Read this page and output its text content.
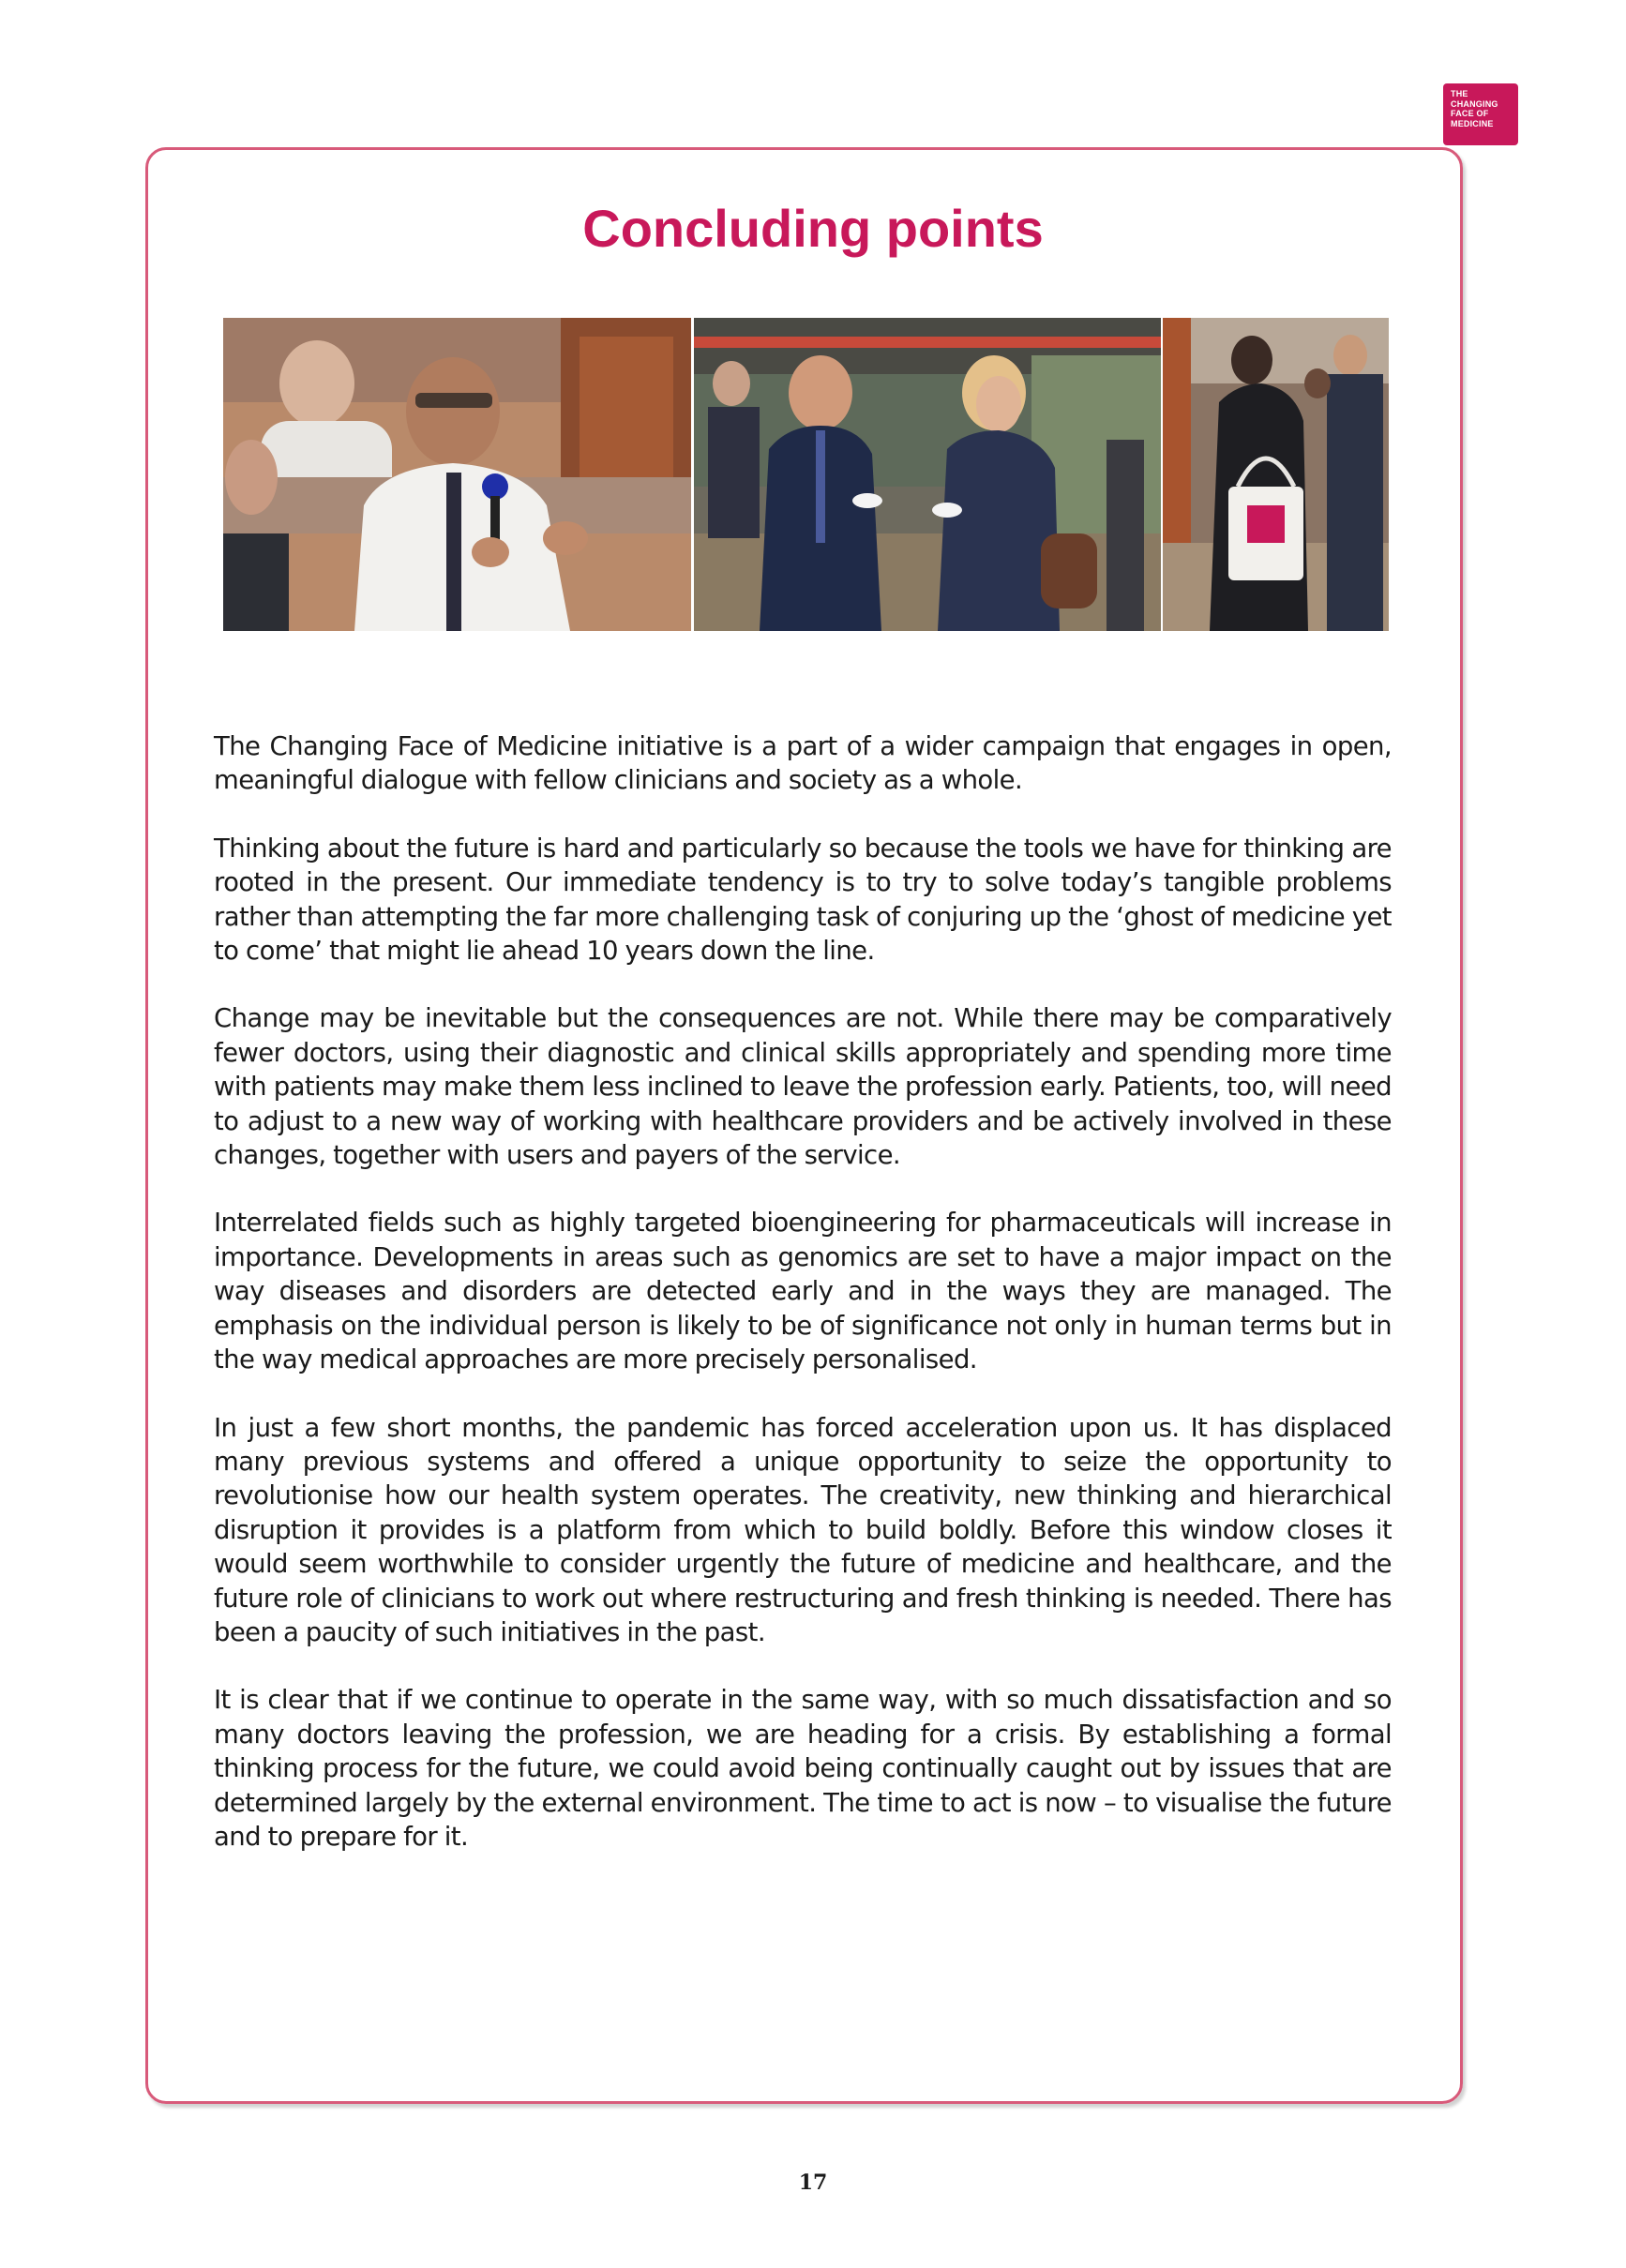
THE
CHANGING
FACE OF
MEDICINE
Concluding points

The Changing Face of Medicine initiative is a part of a wider campaign that engages in open, meaningful dialogue with fellow clinicians and society as a whole.

Thinking about the future is hard and particularly so because the tools we have for thinking are rooted in the present. Our immediate tendency is to try to solve today’s tangible problems rather than attempting the far more challenging task of conjuring up the ‘ghost of medicine yet to come’ that might lie ahead 10 years down the line.

Change may be inevitable but the consequences are not. While there may be comparatively fewer doctors, using their diagnostic and clinical skills appropriately and spending more time with patients may make them less inclined to leave the profession early. Patients, too, will need to adjust to a new way of working with healthcare providers and be actively involved in these changes, together with users and payers of the service.

Interrelated fields such as highly targeted bioengineering for pharmaceuticals will increase in importance. Developments in areas such as genomics are set to have a major impact on the way diseases and disorders are detected early and in the ways they are managed. The emphasis on the individual person is likely to be of significance not only in human terms but in the way medical approaches are more precisely personalised.

In just a few short months, the pandemic has forced acceleration upon us. It has displaced many previous systems and offered a unique opportunity to seize the opportunity to revolutionise how our health system operates. The creativity, new thinking and hierarchical disruption it provides is a platform from which to build boldly. Before this window closes it would seem worthwhile to consider urgently the future of medicine and healthcare, and the future role of clinicians to work out where restructuring and fresh thinking is needed. There has been a paucity of such initiatives in the past.

It is clear that if we continue to operate in the same way, with so much dissatisfaction and so many doctors leaving the profession, we are heading for a crisis. By establishing a formal thinking process for the future, we could avoid being continually caught out by issues that are determined largely by the external environment. The time to act is now – to visualise the future and to prepare for it.

17
